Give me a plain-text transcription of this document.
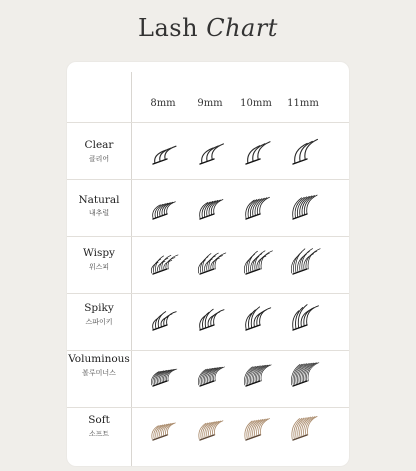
Lash Chart
8mm	9mm	10mm	11mm
Clear
클리어
Natural
내추럴
Wispy
위스피
Spiky
스파이키
Voluminous
볼루미너스
Soft
소프트
